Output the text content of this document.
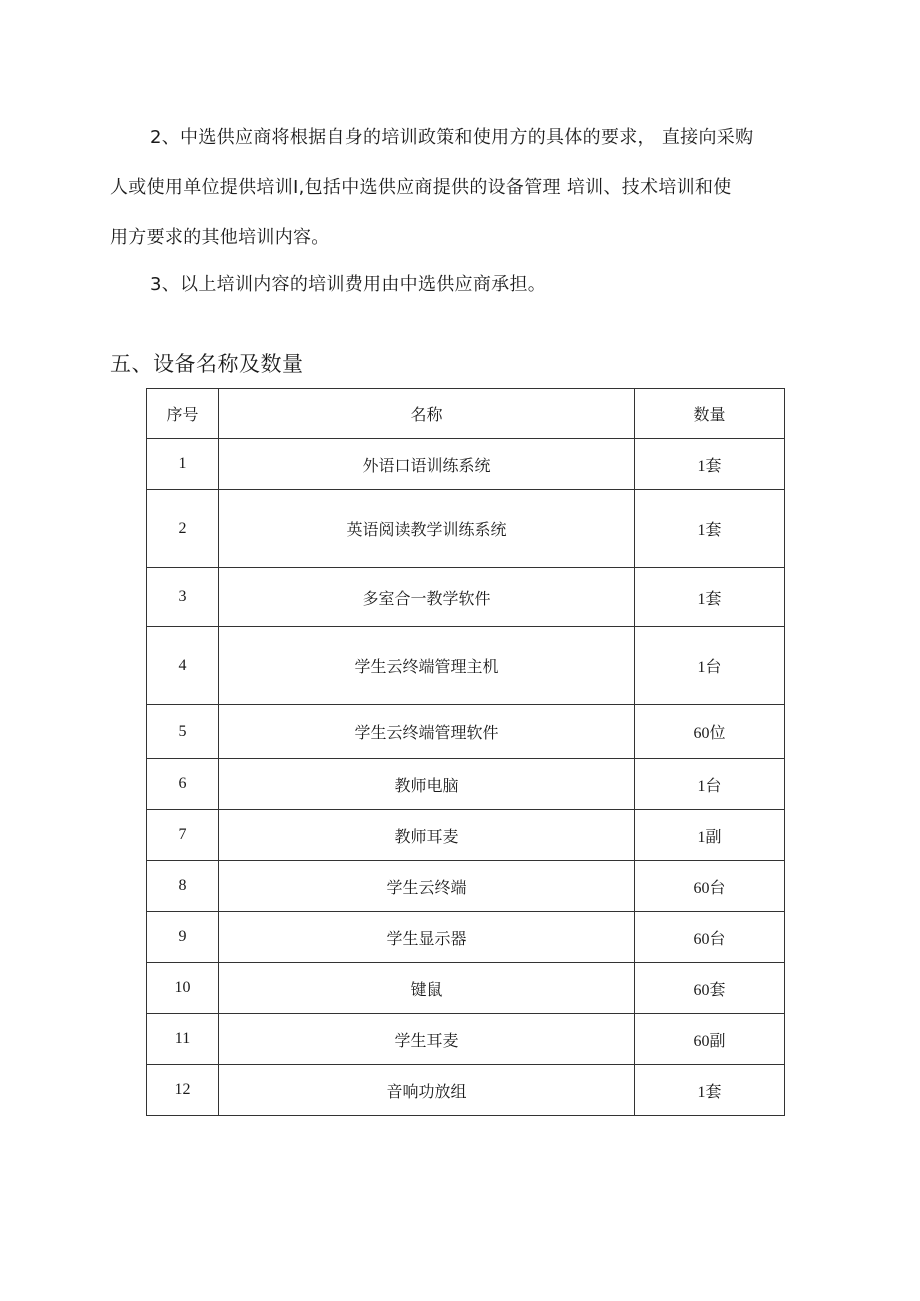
2、中选供应商将根据自身的培训政策和使用方的具体的要求， 直接向采购
人或使用单位提供培训I,包括中选供应商提供的设备管理 培训、技术培训和使
用方要求的其他培训内容。
3、以上培训内容的培训费用由中选供应商承担。
五、设备名称及数量
序号	名称	数量
1	外语口语训练系统	1套
2	英语阅读教学训练系统	1套
3	多室合一教学软件	1套
4	学生云终端管理主机	1台
5	学生云终端管理软件	60位
6	教师电脑	1台
7	教师耳麦	1副
8	学生云终端	60台
9	学生显示器	60台
10	键鼠	60套
11	学生耳麦	60副
12	音响功放组	1套
